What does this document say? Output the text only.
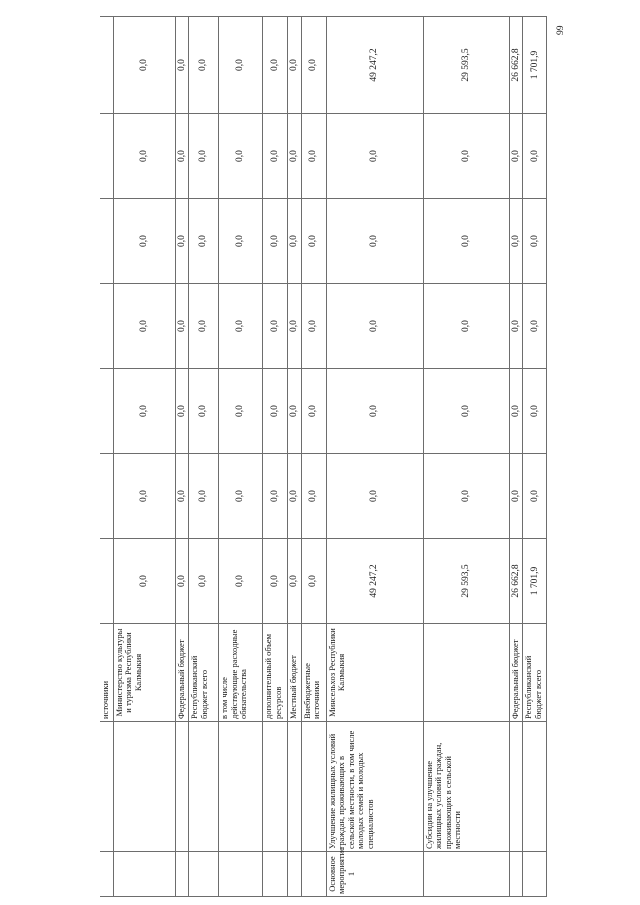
		источники							
		Министерство культуры и туризма Республики Калмыкия	0,0	0,0	0,0	0,0	0,0	0,0	0,0
		Федеральный бюджет	0,0	0,0	0,0	0,0	0,0	0,0	0,0
		Республиканский бюджет всего	0,0	0,0	0,0	0,0	0,0	0,0	0,0
		в том числе действующие расходные обязательства	0,0	0,0	0,0	0,0	0,0	0,0	0,0
		дополнительный объем ресурсов	0,0	0,0	0,0	0,0	0,0	0,0	0,0
		Местный бюджет	0,0	0,0	0,0	0,0	0,0	0,0	0,0
		Внебюджетные источники	0,0	0,0	0,0	0,0	0,0	0,0	0,0
Основное мероприятие 1	Улучшение жилищных условий граждан, проживающих в сельской местности, в том числе молодых семей и молодых специалистов	Минсельхоз Республики Калмыкия	49 247,2	0,0	0,0	0,0	0,0	0,0	49 247,2
	Субсидии на улучшение жилищных условий граждан, проживающих в сельской местности		29 593,5	0,0	0,0	0,0	0,0	0,0	29 593,5
		Федеральный бюджет	26 662,8	0,0	0,0	0,0	0,0	0,0	26 662,8
		Республиканский бюджет всего	1 701,9	0,0	0,0	0,0	0,0	0,0	1 701,9
99
